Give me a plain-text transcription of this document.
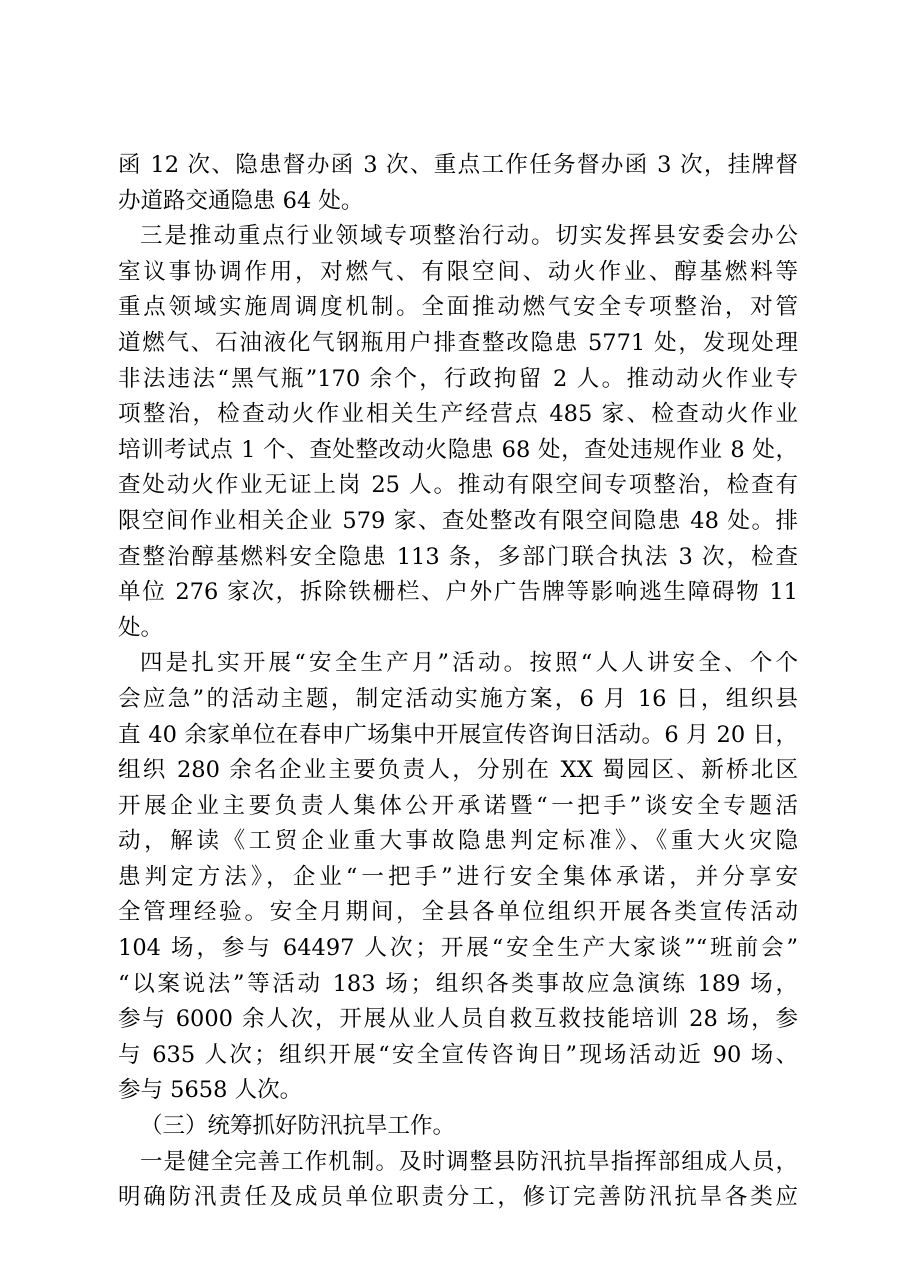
函 12 次、隐患督办函 3 次、重点工作任务督办函 3 次，挂牌督
办道路交通隐患 64 处。
三是推动重点行业领域专项整治行动。切实发挥县安委会办公
室议事协调作用，对燃气、有限空间、动火作业、醇基燃料等
重点领域实施周调度机制。全面推动燃气安全专项整治，对管
道燃气、石油液化气钢瓶用户排查整改隐患 5771 处，发现处理
非法违法“黑气瓶”170 余个，行政拘留 2 人。推动动火作业专
项整治，检查动火作业相关生产经营点 485 家、检查动火作业
培训考试点 1 个、查处整改动火隐患 68 处，查处违规作业 8 处，
查处动火作业无证上岗 25 人。推动有限空间专项整治，检查有
限空间作业相关企业 579 家、查处整改有限空间隐患 48 处。排
查整治醇基燃料安全隐患 113 条，多部门联合执法 3 次，检查
单位 276 家次，拆除铁栅栏、户外广告牌等影响逃生障碍物 11
处。
四是扎实开展“安全生产月”活动。按照“人人讲安全、个个
会应急”的活动主题，制定活动实施方案，6 月 16 日，组织县
直 40 余家单位在春申广场集中开展宣传咨询日活动。6 月 20 日，
组织 280 余名企业主要负责人，分别在 XX 蜀园区、新桥北区
开展企业主要负责人集体公开承诺暨“一把手”谈安全专题活
动，解读《工贸企业重大事故隐患判定标准》、《重大火灾隐
患判定方法》，企业“一把手”进行安全集体承诺，并分享安
全管理经验。安全月期间，全县各单位组织开展各类宣传活动
104 场，参与 64497 人次；开展“安全生产大家谈”“班前会”
“以案说法”等活动 183 场；组织各类事故应急演练 189 场，
参与 6000 余人次，开展从业人员自救互救技能培训 28 场，参
与 635 人次；组织开展“安全宣传咨询日”现场活动近 90 场、
参与 5658 人次。
（三）统筹抓好防汛抗旱工作。
一是健全完善工作机制。及时调整县防汛抗旱指挥部组成人员，
明确防汛责任及成员单位职责分工，修订完善防汛抗旱各类应
